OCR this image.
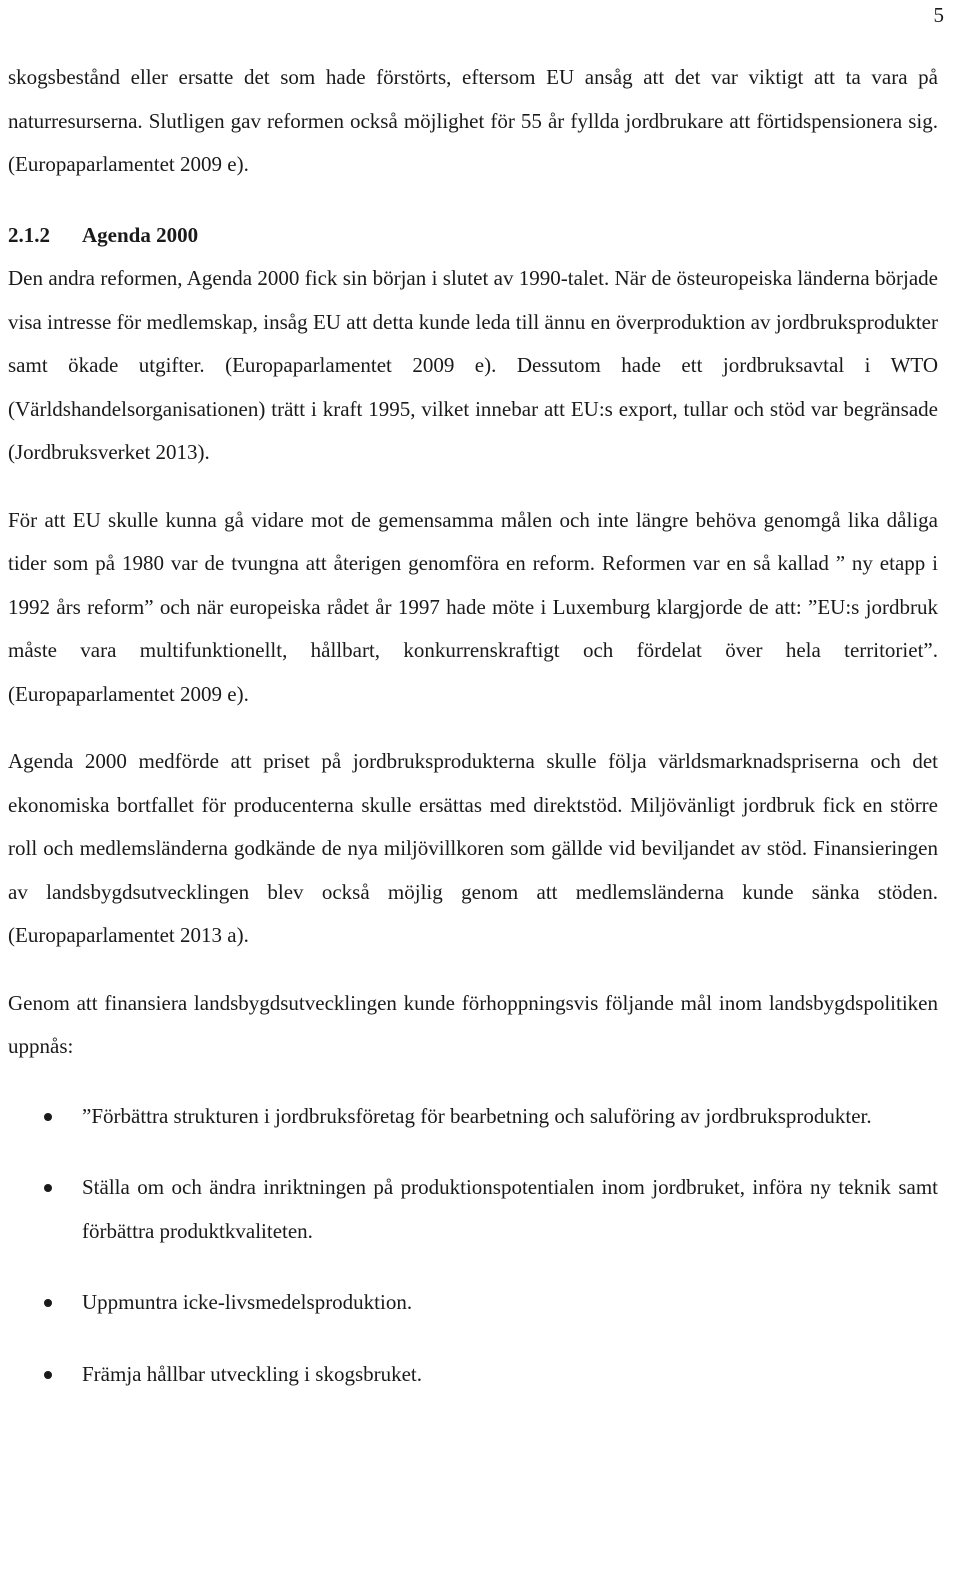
5

skogsbestånd eller ersatte det som hade förstörts, eftersom EU ansåg att det var viktigt att ta vara på naturresurserna. Slutligen gav reformen också möjlighet för 55 år fyllda jordbrukare att förtidspensionera sig. (Europaparlamentet 2009 e).

2.1.2 Agenda 2000

Den andra reformen, Agenda 2000 fick sin början i slutet av 1990-talet. När de östeuropeiska länderna började visa intresse för medlemskap, insåg EU att detta kunde leda till ännu en överproduktion av jordbruksprodukter samt ökade utgifter. (Europaparlamentet 2009 e). Dessutom hade ett jordbruksavtal i WTO (Världshandelsorganisationen) trätt i kraft 1995, vilket innebar att EU:s export, tullar och stöd var begränsade (Jordbruksverket 2013).

För att EU skulle kunna gå vidare mot de gemensamma målen och inte längre behöva genomgå lika dåliga tider som på 1980 var de tvungna att återigen genomföra en reform. Reformen var en så kallad ” ny etapp i 1992 års reform” och när europeiska rådet år 1997 hade möte i Luxemburg klargjorde de att: ”EU:s jordbruk måste vara multifunktionellt, hållbart, konkurrenskraftigt och fördelat över hela territoriet”. (Europaparlamentet 2009 e).

Agenda 2000 medförde att priset på jordbruksprodukterna skulle följa världsmarknadspriserna och det ekonomiska bortfallet för producenterna skulle ersättas med direktstöd. Miljövänligt jordbruk fick en större roll och medlemsländerna godkände de nya miljövillkoren som gällde vid beviljandet av stöd. Finansieringen av landsbygdsutvecklingen blev också möjlig genom att medlemsländerna kunde sänka stöden. (Europaparlamentet 2013 a).

Genom att finansiera landsbygdsutvecklingen kunde förhoppningsvis följande mål inom landsbygdspolitiken uppnås:

”Förbättra strukturen i jordbruksföretag för bearbetning och saluföring av jordbruksprodukter.
Ställa om och ändra inriktningen på produktionspotentialen inom jordbruket, införa ny teknik samt förbättra produktkvaliteten.
Uppmuntra icke-livsmedelsproduktion.
Främja hållbar utveckling i skogsbruket.
